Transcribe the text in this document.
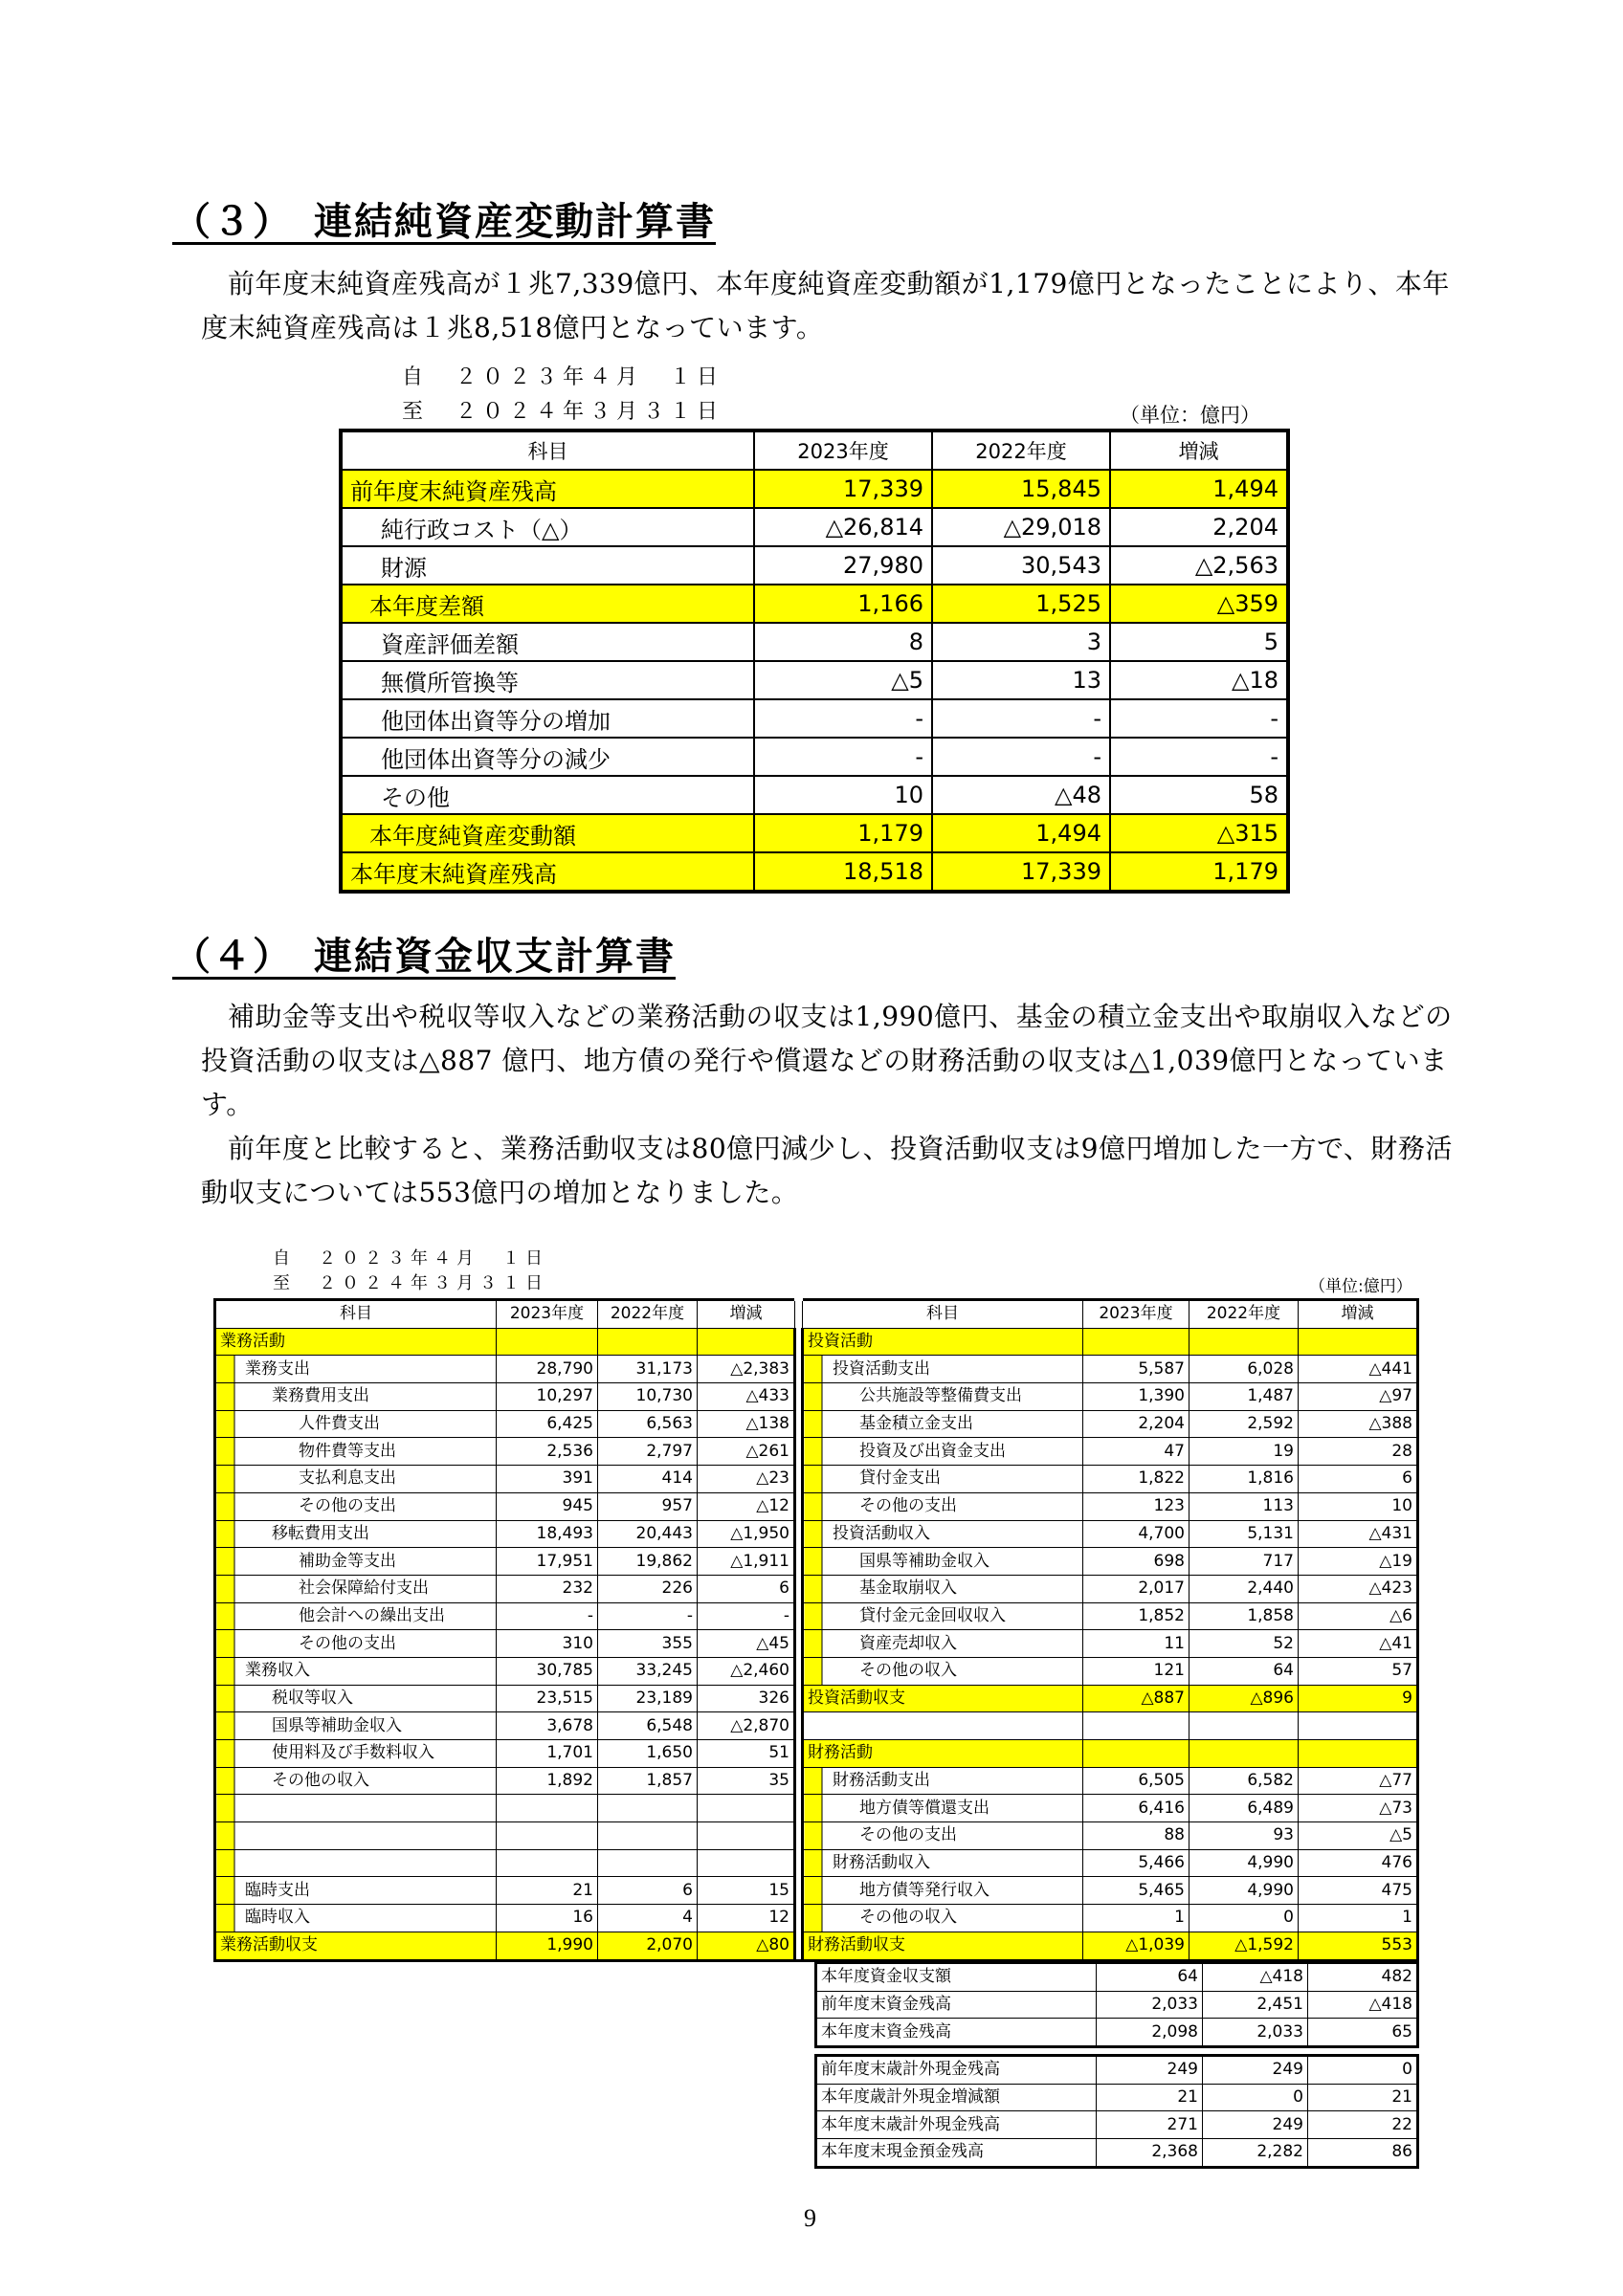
（３）　連結純資産変動計算書

前年度末純資産残高が１兆7,339億円、本年度純資産変動額が1,179億円となったことにより、本年度末純資産残高は１兆8,518億円となっています。

自　２０２３年４月　１日
至　２０２４年３月３１日	（単位：億円）
科目	2023年度	2022年度	増減
前年度末純資産残高	17,339	15,845	1,494
純行政コスト（△）	△26,814	△29,018	2,204
財源	27,980	30,543	△2,563
本年度差額	1,166	1,525	△359
資産評価差額	8	3	5
無償所管換等	△5	13	△18
他団体出資等分の増加	-	-	-
他団体出資等分の減少	-	-	-
その他	10	△48	58
本年度純資産変動額	1,179	1,494	△315
本年度末純資産残高	18,518	17,339	1,179
（４）　連結資金収支計算書

補助金等支出や税収等収入などの業務活動の収支は1,990億円、基金の積立金支出や取崩収入などの投資活動の収支は△887 億円、地方債の発行や償還などの財務活動の収支は△1,039億円となっています。

前年度と比較すると、業務活動収支は80億円減少し、投資活動収支は9億円増加した一方で、財務活動収支については553億円の増加となりました。

自　２０２３年４月　１日
至　２０２４年３月３１日	（単位:億円）
科目	2023年度	2022年度	増減		科目	2023年度	2022年度	増減
業務活動					投資活動			
業務支出	28,790	31,173	△2,383		投資活動支出	5,587	6,028	△441
業務費用支出	10,297	10,730	△433		公共施設等整備費支出	1,390	1,487	△97
人件費支出	6,425	6,563	△138		基金積立金支出	2,204	2,592	△388
物件費等支出	2,536	2,797	△261		投資及び出資金支出	47	19	28
支払利息支出	391	414	△23		貸付金支出	1,822	1,816	6
その他の支出	945	957	△12		その他の支出	123	113	10
移転費用支出	18,493	20,443	△1,950		投資活動収入	4,700	5,131	△431
補助金等支出	17,951	19,862	△1,911		国県等補助金収入	698	717	△19
社会保障給付支出	232	226	6		基金取崩収入	2,017	2,440	△423
他会計への繰出支出	-	-	-		貸付金元金回収収入	1,852	1,858	△6
その他の支出	310	355	△45		資産売却収入	11	52	△41
業務収入	30,785	33,245	△2,460		その他の収入	121	64	57
税収等収入	23,515	23,189	326		投資活動収支	△887	△896	9
国県等補助金収入	3,678	6,548	△2,870					
使用料及び手数料収入	1,701	1,650	51		財務活動			
その他の収入	1,892	1,857	35		財務活動支出	6,505	6,582	△77
					地方債等償還支出	6,416	6,489	△73
					その他の支出	88	93	△5
					財務活動収入	5,466	4,990	476
臨時支出	21	6	15		地方債等発行収入	5,465	4,990	475
臨時収入	16	4	12		その他の収入	1	0	1
業務活動収支	1,990	2,070	△80		財務活動収支	△1,039	△1,592	553
本年度資金収支額	64	△418	482
前年度末資金残高	2,033	2,451	△418
本年度末資金残高	2,098	2,033	65
前年度末歳計外現金残高	249	249	0
本年度歳計外現金増減額	21	0	21
本年度末歳計外現金残高	271	249	22
本年度末現金預金残高	2,368	2,282	86
9
